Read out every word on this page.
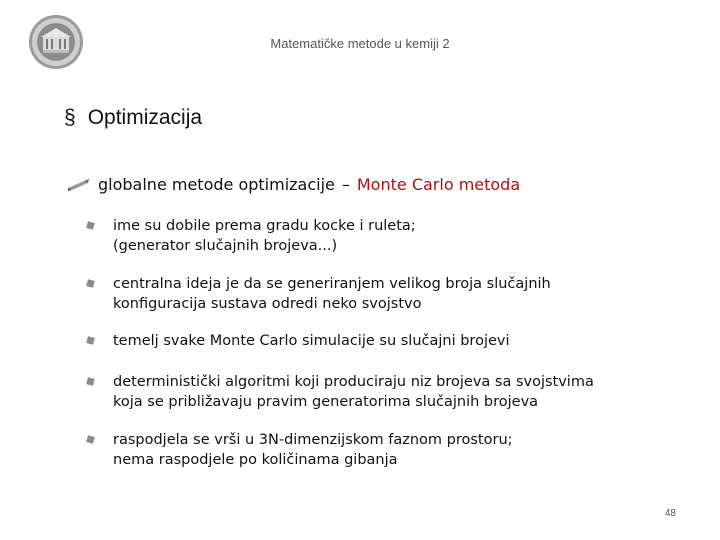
Matematičke metode u kemiji 2
§ Optimizacija
globalne metode optimizacije – Monte Carlo metoda
ime su dobile prema gradu kocke i ruleta;
(generator slučajnih brojeva...)
centralna ideja je da se generiranjem velikog broja slučajnih
konfiguracija sustava odredi neko svojstvo
temelj svake Monte Carlo simulacije su slučajni brojevi
deterministički algoritmi koji produciraju niz brojeva sa svojstvima
koja se približavaju pravim generatorima slučajnih brojeva
raspodjela se vrši u 3N-dimenzijskom faznom prostoru;
nema raspodjele po količinama gibanja
48
